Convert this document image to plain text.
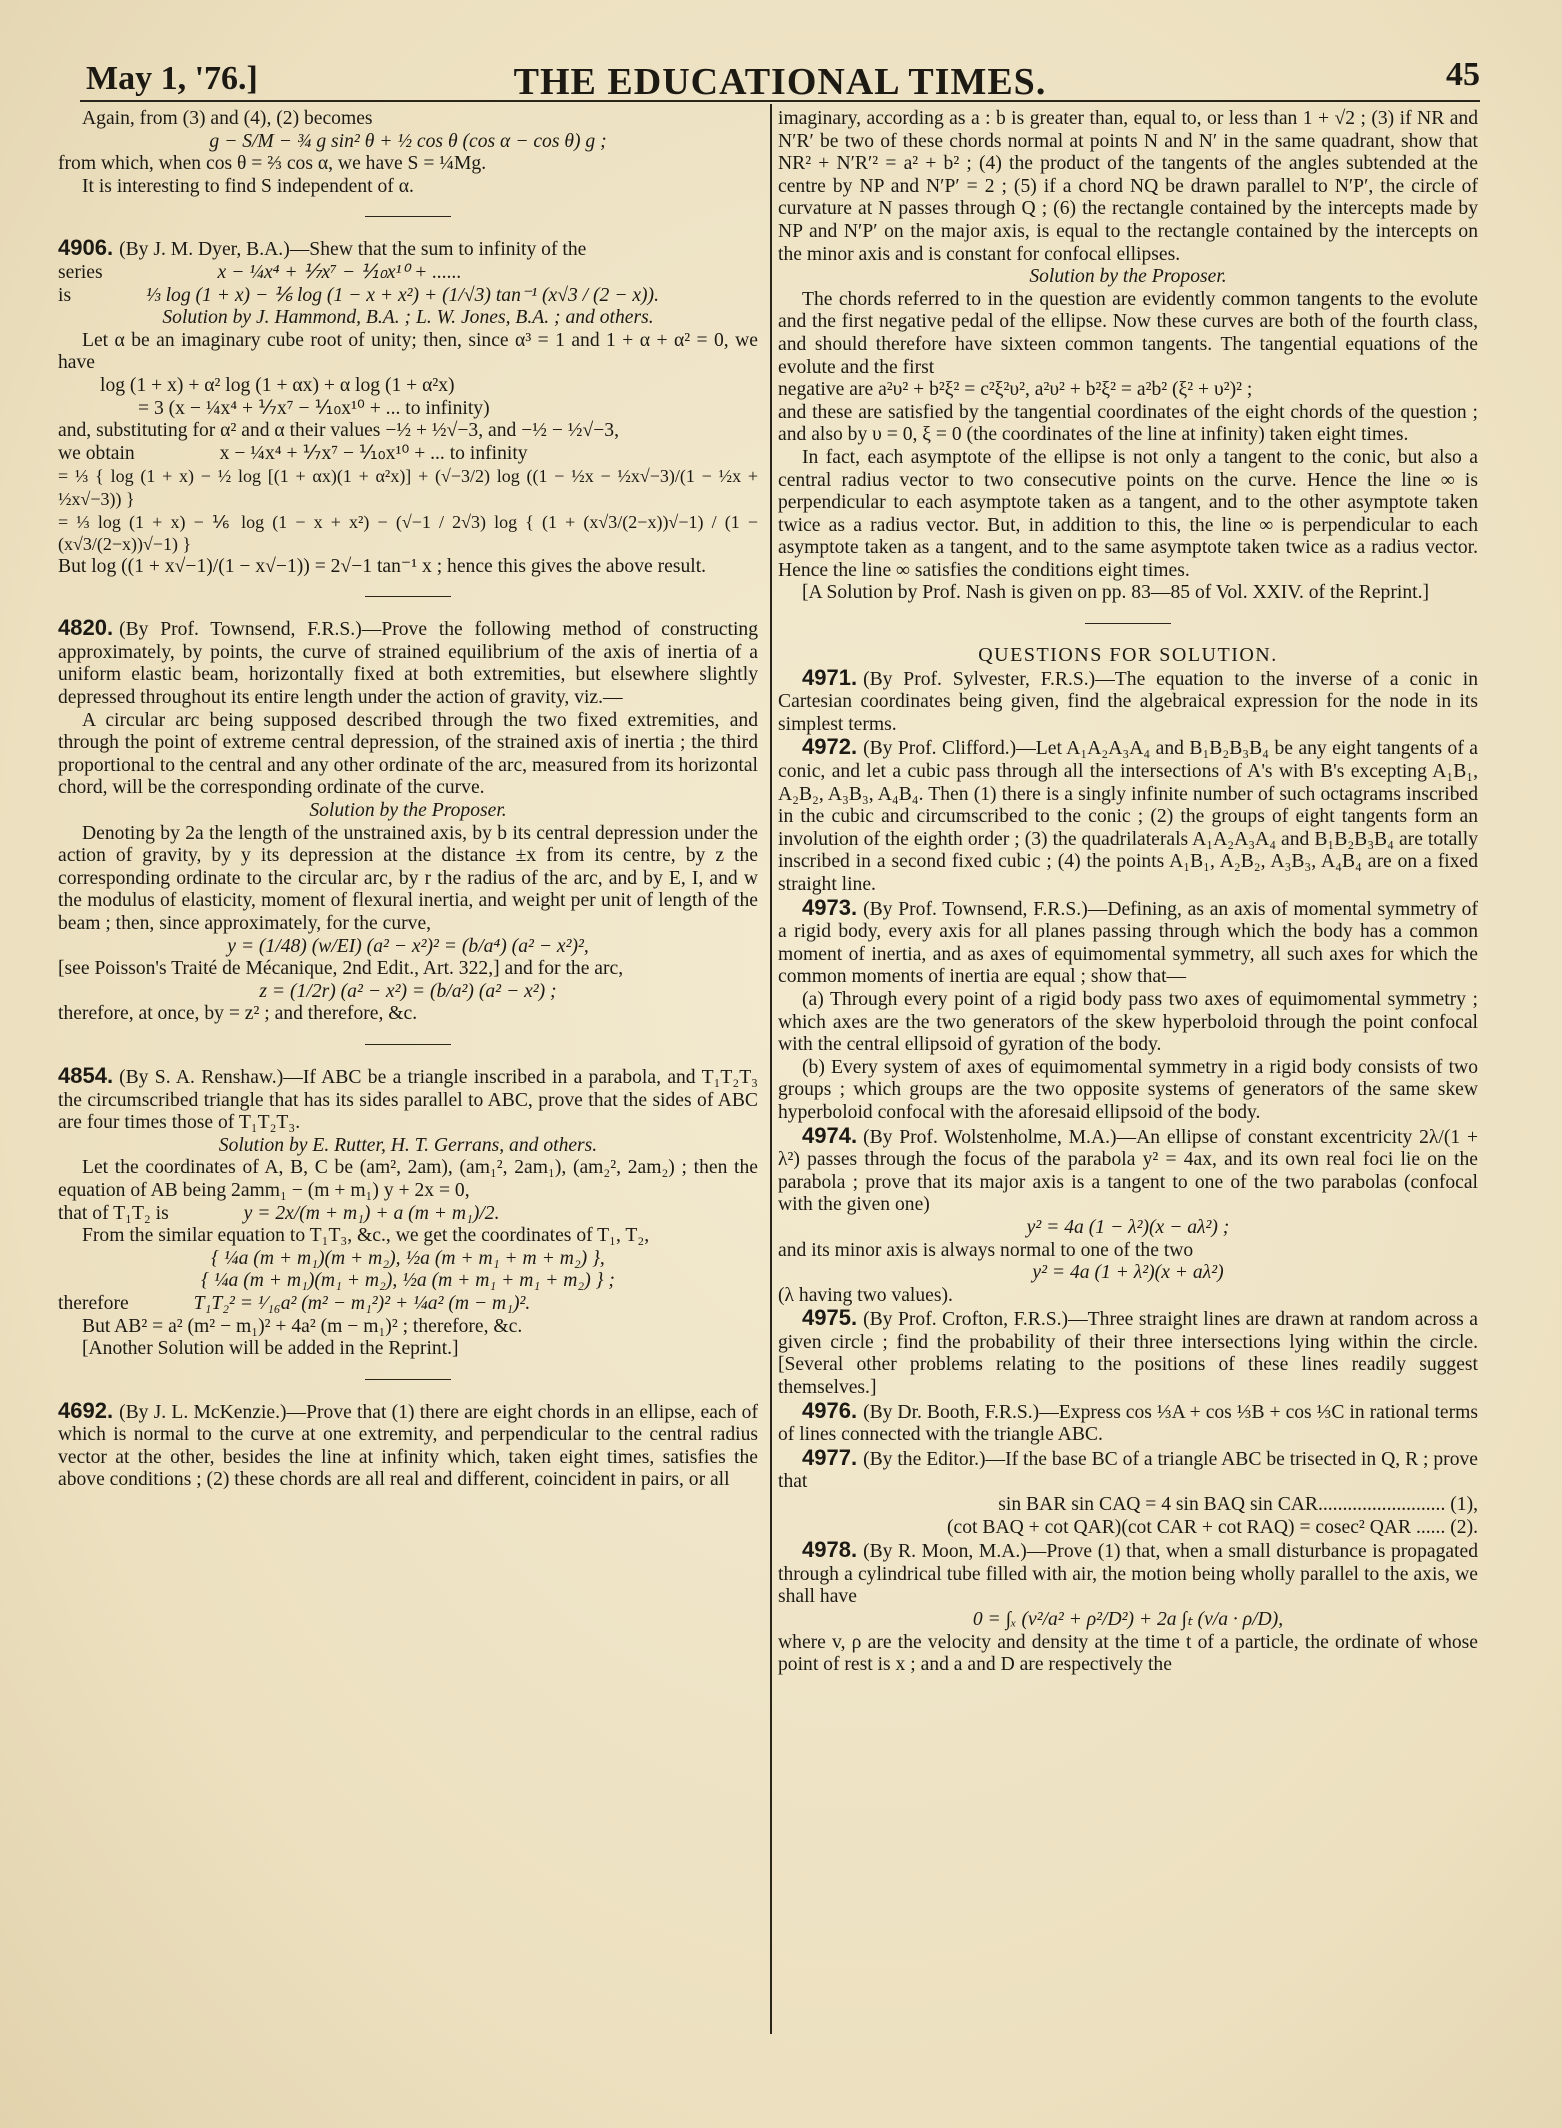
May 1, '76.]	THE EDUCATIONAL TIMES.	45

Again, from (3) and (4), (2) becomes

g − S/M − ¾ g sin² θ + ½ cos θ (cos α − cos θ) g ;

from which, when cos θ = ⅔ cos α, we have S = ¼Mg.

It is interesting to find S independent of α.

4906. (By J. M. Dyer, B.A.)—Shew that the sum to infinity of the

series	x − ¼x⁴ + ⅐x⁷ − ⅒x¹⁰ + ......

is	⅓ log (1 + x) − ⅙ log (1 − x + x²) + (1/√3) tan⁻¹ (x√3 / (2 − x)).

Solution by J. Hammond, B.A. ; L. W. Jones, B.A. ; and others.

Let α be an imaginary cube root of unity; then, since α³ = 1 and 1 + α + α² = 0, we have

log (1 + x) + α² log (1 + αx) + α log (1 + α²x)

= 3 (x − ¼x⁴ + ⅐x⁷ − ⅒x¹⁰ + ... to infinity)

and, substituting for α² and α their values −½ + ½√−3, and −½ − ½√−3,

we obtain	x − ¼x⁴ + ⅐x⁷ − ⅒x¹⁰ + ... to infinity

= ⅓ { log (1 + x) − ½ log [(1 + αx)(1 + α²x)] + (√−3/2) log ((1 − ½x − ½x√−3)/(1 − ½x + ½x√−3)) }

= ⅓ log (1 + x) − ⅙ log (1 − x + x²) − (√−1 / 2√3) log { (1 + (x√3/(2−x))√−1) / (1 − (x√3/(2−x))√−1) }

But log ((1 + x√−1)/(1 − x√−1)) = 2√−1 tan⁻¹ x ; hence this gives the above result.

4820. (By Prof. Townsend, F.R.S.)—Prove the following method of constructing approximately, by points, the curve of strained equilibrium of the axis of inertia of a uniform elastic beam, horizontally fixed at both extremities, but elsewhere slightly depressed throughout its entire length under the action of gravity, viz.—

A circular arc being supposed described through the two fixed extremities, and through the point of extreme central depression, of the strained axis of inertia ; the third proportional to the central and any other ordinate of the arc, measured from its horizontal chord, will be the corresponding ordinate of the curve.

Solution by the Proposer.

Denoting by 2a the length of the unstrained axis, by b its central depression under the action of gravity, by y its depression at the distance ±x from its centre, by z the corresponding ordinate to the circular arc, by r the radius of the arc, and by E, I, and w the modulus of elasticity, moment of flexural inertia, and weight per unit of length of the beam ; then, since approximately, for the curve,

y = (1/48) (w/EI) (a² − x²)² = (b/a⁴) (a² − x²)²,

[see Poisson's Traité de Mécanique, 2nd Edit., Art. 322,] and for the arc,

z = (1/2r) (a² − x²) = (b/a²) (a² − x²) ;

therefore, at once, by = z² ; and therefore, &c.

4854. (By S. A. Renshaw.)—If ABC be a triangle inscribed in a parabola, and T₁T₂T₃ the circumscribed triangle that has its sides parallel to ABC, prove that the sides of ABC are four times those of T₁T₂T₃.

Solution by E. Rutter, H. T. Gerrans, and others.

Let the coordinates of A, B, C be (am², 2am), (am₁², 2am₁), (am₂², 2am₂) ; then the equation of AB being 2amm₁ − (m + m₁) y + 2x = 0,

that of T₁T₂ is	y = 2x/(m + m₁) + a (m + m₁)/2.

From the similar equation to T₁T₃, &c., we get the coordinates of T₁, T₂,

{ ¼a (m + m₁)(m + m₂), ½a (m + m₁ + m + m₂) },

{ ¼a (m + m₁)(m₁ + m₂), ½a (m + m₁ + m₁ + m₂) } ;

therefore	T₁T₂² = ¹⁄₁₆a² (m² − m₁²)² + ¼a² (m − m₁)².

But AB² = a² (m² − m₁)² + 4a² (m − m₁)² ; therefore, &c.

[Another Solution will be added in the Reprint.]

4692. (By J. L. McKenzie.)—Prove that (1) there are eight chords in an ellipse, each of which is normal to the curve at one extremity, and perpendicular to the central radius vector at the other, besides the line at infinity which, taken eight times, satisfies the above conditions ; (2) these chords are all real and different, coincident in pairs, or all

imaginary, according as a : b is greater than, equal to, or less than 1 + √2 ; (3) if NR and N′R′ be two of these chords normal at points N and N′ in the same quadrant, show that NR² + N′R′² = a² + b² ; (4) the product of the tangents of the angles subtended at the centre by NP and N′P′ = 2 ; (5) if a chord NQ be drawn parallel to N′P′, the circle of curvature at N passes through Q ; (6) the rectangle contained by the intercepts made by NP and N′P′ on the major axis, is equal to the rectangle contained by the intercepts on the minor axis and is constant for confocal ellipses.

Solution by the Proposer.

The chords referred to in the question are evidently common tangents to the evolute and the first negative pedal of the ellipse. Now these curves are both of the fourth class, and should therefore have sixteen common tangents. The tangential equations of the evolute and the first

negative are a²υ² + b²ξ² = c²ξ²υ², a²υ² + b²ξ² = a²b² (ξ² + υ²)² ;

and these are satisfied by the tangential coordinates of the eight chords of the question ; and also by υ = 0, ξ = 0 (the coordinates of the line at infinity) taken eight times.

In fact, each asymptote of the ellipse is not only a tangent to the conic, but also a central radius vector to two consecutive points on the curve. Hence the line ∞ is perpendicular to each asymptote taken as a tangent, and to the other asymptote taken twice as a radius vector. But, in addition to this, the line ∞ is perpendicular to each asymptote taken as a tangent, and to the same asymptote taken twice as a radius vector. Hence the line ∞ satisfies the conditions eight times.

[A Solution by Prof. Nash is given on pp. 83—85 of Vol. XXIV. of the Reprint.]

QUESTIONS FOR SOLUTION.

4971. (By Prof. Sylvester, F.R.S.)—The equation to the inverse of a conic in Cartesian coordinates being given, find the algebraical expression for the node in its simplest terms.

4972. (By Prof. Clifford.)—Let A₁A₂A₃A₄ and B₁B₂B₃B₄ be any eight tangents of a conic, and let a cubic pass through all the intersections of A's with B's excepting A₁B₁, A₂B₂, A₃B₃, A₄B₄. Then (1) there is a singly infinite number of such octagrams inscribed in the cubic and circumscribed to the conic ; (2) the groups of eight tangents form an involution of the eighth order ; (3) the quadrilaterals A₁A₂A₃A₄ and B₁B₂B₃B₄ are totally inscribed in a second fixed cubic ; (4) the points A₁B₁, A₂B₂, A₃B₃, A₄B₄ are on a fixed straight line.

4973. (By Prof. Townsend, F.R.S.)—Defining, as an axis of momental symmetry of a rigid body, every axis for all planes passing through which the body has a common moment of inertia, and as axes of equimomental symmetry, all such axes for which the common moments of inertia are equal ; show that—

(a) Through every point of a rigid body pass two axes of equimomental symmetry ; which axes are the two generators of the skew hyperboloid through the point confocal with the central ellipsoid of gyration of the body.

(b) Every system of axes of equimomental symmetry in a rigid body consists of two groups ; which groups are the two opposite systems of generators of the same skew hyperboloid confocal with the aforesaid ellipsoid of the body.

4974. (By Prof. Wolstenholme, M.A.)—An ellipse of constant excentricity 2λ/(1 + λ²) passes through the focus of the parabola y² = 4ax, and its own real foci lie on the parabola ; prove that its major axis is a tangent to one of the two parabolas (confocal with the given one)

y² = 4a (1 − λ²)(x − aλ²) ;

and its minor axis is always normal to one of the two

y² = 4a (1 + λ²)(x + aλ²)

(λ having two values).

4975. (By Prof. Crofton, F.R.S.)—Three straight lines are drawn at random across a given circle ; find the probability of their three intersections lying within the circle. [Several other problems relating to the positions of these lines readily suggest themselves.]

4976. (By Dr. Booth, F.R.S.)—Express cos ⅓A + cos ⅓B + cos ⅓C in rational terms of lines connected with the triangle ABC.

4977. (By the Editor.)—If the base BC of a triangle ABC be trisected in Q, R ; prove that

sin BAR sin CAQ = 4 sin BAQ sin CAR.......................... (1),

(cot BAQ + cot QAR)(cot CAR + cot RAQ) = cosec² QAR ...... (2).

4978. (By R. Moon, M.A.)—Prove (1) that, when a small disturbance is propagated through a cylindrical tube filled with air, the motion being wholly parallel to the axis, we shall have

0 = ∫ₓ (v²/a² + ρ²/D²) + 2a ∫ₜ (v/a · ρ/D),

where v, ρ are the velocity and density at the time t of a particle, the ordinate of whose point of rest is x ; and a and D are respectively the
